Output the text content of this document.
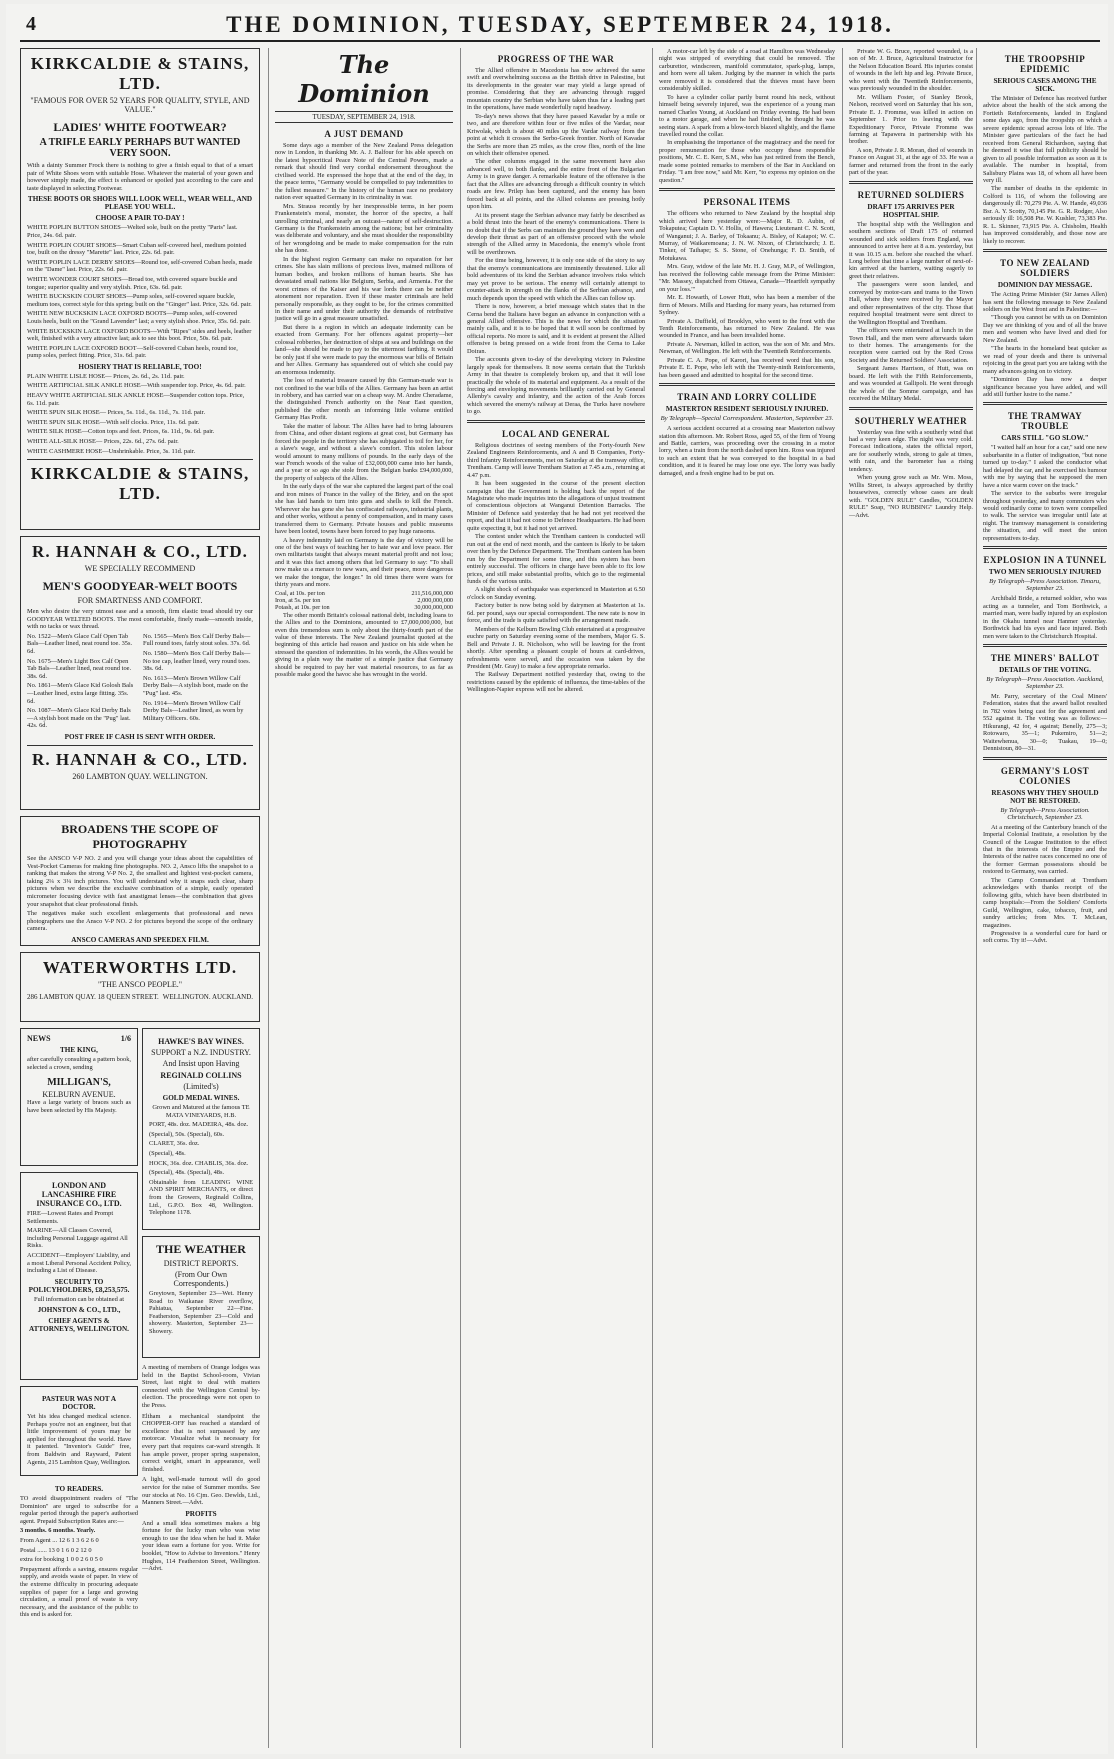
4	THE DOMINION, TUESDAY, SEPTEMBER 24, 1918.
KIRKCALDIE & STAINS, LTD.
"FAMOUS FOR OVER 52 YEARS FOR QUALITY, STYLE, AND VALUE."
LADIES' WHITE FOOTWEAR?
A TRIFLE EARLY PERHAPS BUT WANTED VERY SOON.
With a dainty Summer Frock there is nothing to give a finish equal to that of a smart pair of White Shoes worn with suitable Hose. Whatever the material of your gown and however simply made, the effect is enhanced or spoiled just according to the care and taste displayed in selecting Footwear.
THESE BOOTS OR SHOES WILL LOOK WELL, WEAR WELL, AND PLEASE YOU WELL.
CHOOSE A PAIR TO-DAY !
WHITE POPLIN BUTTON SHOES—Welted sole, built on the pretty "Paris" last. Price, 24s. 6d. pair.
WHITE POPLIN COURT SHOES—Smart Cuban self-covered heel, medium pointed toe, built on the dressy "Marette" last. Price, 22s. 6d. pair.
WHITE POPLIN LACE DERBY SHOES—Round toe, self-covered Cuban heels, made on the "Dame" last. Price, 22s. 6d. pair.
WHITE WONDER COURT SHOES—Broad toe, with covered square buckle and tongue; superior quality and very stylish. Price, 63s. 6d. pair.
WHITE BUCKSKIN COURT SHOES—Pump soles, self-covered square buckle, medium toes, correct style for this spring; built on the "Ginger" last. Price, 32s. 6d. pair.
WHITE NEW BUCKSKIN LACE OXFORD BOOTS—Pump soles, self-covered Louis heels, built on the "Grand Lavender" last; a very stylish shoe. Price, 35s. 6d. pair.
WHITE BUCKSKIN LACE OXFORD BOOTS—With "Ripes" sides and heels, leather welt, finished with a very attractive last; ask to see this boot. Price, 50s. 6d. pair.
WHITE POPLIN LACE OXFORD BOOT—Self-covered Cuban heels, round toe, pump soles, perfect fitting. Price, 31s. 6d. pair.
HOSIERY THAT IS RELIABLE, TOO!
PLAIN WHITE LISLE HOSE— Prices, 2s. 6d., 2s. 11d. pair.
WHITE ARTIFICIAL SILK ANKLE HOSE—With suspender top. Price, 4s. 6d. pair.
HEAVY WHITE ARTIFICIAL SILK ANKLE HOSE—Suspender cotton tops. Price, 6s. 11d. pair.
WHITE SPUN SILK HOSE— Prices, 5s. 11d., 6s. 11d., 7s. 11d. pair.
WHITE SPUN SILK HOSE—With self clocks. Price, 11s. 6d. pair.
WHITE SILK HOSE—Cotton tops and feet. Prices, 6s. 11d., 9s. 6d. pair.
WHITE ALL-SILK HOSE— Prices, 22s. 6d., 27s. 6d. pair.
WHITE CASHMERE HOSE—Unshrinkable. Price, 3s. 11d. pair.
KIRKCALDIE & STAINS, LTD.
R. HANNAH & CO., LTD.
WE SPECIALLY RECOMMEND
MEN'S GOODYEAR-WELT BOOTS
FOR SMARTNESS AND COMFORT.
Men who desire the very utmost ease and a smooth, firm elastic tread should try our GOODYEAR WELTED BOOTS. The most comfortable, finely made—smooth inside, with no tacks or wax thread.
No. 1522—Men's Glace Calf Open Tab Bals—Leather lined, neat round toe. 35s. 6d.
No. 1675—Men's Light Box Calf Open Tab Bals—Leather lined, neat round toe. 38s. 6d.
No. 1861—Men's Glace Kid Golosh Bals—Leather lined, extra large fitting. 35s. 6d.
No. 1087—Men's Glace Kid Derby Bals—A stylish boot made on the "Pug" last. 42s. 6d.
No. 1565—Men's Box Calf Derby Bals—Full round toes, fairly stout soles. 37s. 6d.
No. 1580—Men's Box Calf Derby Bals—No toe cap, leather lined, very round toes. 38s. 6d.
No. 1613—Men's Brown Willow Calf Derby Bals—A stylish boot, made on the "Pug" last. 45s.
No. 1914—Men's Brown Willow Calf Derby Bals—Leather lined, as worn by Military Officers. 60s.
POST FREE IF CASH IS SENT WITH ORDER.
R. HANNAH & CO., LTD.
260 LAMBTON QUAY. WELLINGTON.
BROADENS THE SCOPE OF PHOTOGRAPHY
See the ANSCO V-P NO. 2 and you will change your ideas about the capabilities of Vest-Pocket Cameras for making fine photographs. NO. 2, Ansco lifts the snapshot to a ranking that makes the strong V-P No. 2, the smallest and lightest vest-pocket camera, taking 2¼ x 3¼ inch pictures. You will understand why it snaps such clear, sharp pictures when we describe the exclusive combination of a simple, easily operated micrometer focusing device with fast anastigmat lenses—the combination that gives your snapshot that clear professional finish.
The negatives make such excellent enlargements that professional and news photographers use the Ansco V-P NO. 2 for pictures beyond the scope of the ordinary camera.
ANSCO CAMERAS AND SPEEDEX FILM.
WATERWORTHS LTD.
"THE ANSCO PEOPLE."
286 LAMBTON QUAY. 18 QUEEN STREET. WELLINGTON. AUCKLAND.
NEWS	1/6
THE KING,
after carefully consulting a pattern book, selected a crown, sending
MILLIGAN'S,
KELBURN AVENUE.
Have a large variety of braces such as have been selected by His Majesty.
LONDON AND LANCASHIRE FIRE INSURANCE CO., LTD.
FIRE—Lowest Rates and Prompt Settlements.
MARINE—All Classes Covered, including Personal Luggage against All Risks.
ACCIDENT—Employers' Liability, and a most Liberal Personal Accident Policy, including a List of Disease.
SECURITY TO POLICYHOLDERS, £8,253,575.
Full information can be obtained at
JOHNSTON & CO., LTD.,
CHIEF AGENTS & ATTORNEYS, WELLINGTON.
PASTEUR WAS NOT A DOCTOR.
Yet his idea changed medical science. Perhaps you're not an engineer, but that little improvement of yours may be applied for throughout the world. Have it patented. "Inventor's Guide" free, from Baldwin and Rayward, Patent Agents, 215 Lambton Quay, Wellington.
TO READERS.
TO avoid disappointment readers of "The Dominion" are urged to subscribe for a regular period through the paper's authorised agent. Prepaid Subscription Rates are:—
3 months. 6 months. Yearly.
From Agent ... 12 6 1 3 6 2 6 0
Postal ...... 13 0 1 6 0 2 12 0
extra for booking 1 0 0 2 6 0 5 0
Prepayment affords a saving, ensures regular supply, and avoids waste of paper. In view of the extreme difficulty in procuring adequate supplies of paper for a large and growing circulation, a small proof of waste is very necessary, and the assistance of the public to this end is asked for.
HAWKE'S BAY WINES.
SUPPORT a N.Z. INDUSTRY.
And Insist upon Having
REGINALD COLLINS
(Limited's)
GOLD MEDAL WINES.
Grown and Matured at the famous TE MATA VINEYARDS, H.B.
PORT, 48s. doz. MADEIRA, 48s. doz.
(Special), 50s. (Special), 60s.
CLARET, 36s. doz.
(Special), 48s.
HOCK, 36s. doz. CHABLIS, 36s. doz.
(Special), 48s. (Special), 48s.
Obtainable from LEADING WINE AND SPIRIT MERCHANTS, or direct from the Growers, Reginald Collins, Ltd., G.P.O. Box 48, Wellington. Telephone 1178.
THE WEATHER
DISTRICT REPORTS.
(From Our Own Correspondents.)
Greytown, September 23—Wet. Henry Road to Waikanae River overflow, Pahiatua, September 22—Fine. Featherston, September 23—Cold and showery. Masterton, September 23—Showery.
A meeting of members of Orange lodges was held in the Baptist School-room, Vivian Street, last night to deal with matters connected with the Wellington Central by-election. The proceedings were not open to the Press.
Eltham a mechanical standpoint the CHOPPER-OFF has reached a standard of excellence that is not surpassed by any motorcar. Visualize what is necessary for every part that requires car-ward strength. It has ample power, proper spring suspension, correct weight, smart in appearance, well finished.
A light, well-made turnout will do good service for the raise of Summer months. See our stocks at No. 16 Cjm. Geo. Dewlds, Ltd., Manners Street.—Advt.
PROFITS
And a small idea sometimes makes a big fortune for the lucky man who was wise enough to use the idea when he had it. Make your ideas earn a fortune for you. Write for booklet, "How to Advise to Inventors." Henry Hughes, 114 Featherston Street, Wellington.—Advt.
The Dominion
TUESDAY, SEPTEMBER 24, 1918.
A JUST DEMAND

Some days ago a member of the New Zealand Press delegation now in London, in thanking Mr. A. J. Balfour for his able speech on the latest hypocritical Peace Note of the Central Powers, made a remark that should find very cordial endorsement throughout the civilised world. He expressed the hope that at the end of the day, in the peace terms, "Germany would be compelled to pay indemnities to the fullest measure." In the history of the human race no predatory nation ever squatted Germany in its criminality in war.

Mrs. Strauss recently by her inexpressible terms, in her poem Frankenstein's moral, monster, the horror of the spectre, a half unrolling criminal, and nearly an outcast—nature of self-destruction. Germany is the Frankenstein among the nations; but her criminality was deliberate and voluntary, and she must shoulder the responsibility of her wrongdoing and be made to make compensation for the ruin she has done.

In the highest region Germany can make no reparation for her crimes. She has slain millions of precious lives, maimed millions of human bodies, and broken millions of human hearts. She has devastated small nations like Belgium, Serbia, and Armenia. For the worst crimes of the Kaiser and his war lords there can be neither atonement nor reparation. Even if these master criminals are held personally responsible, as they ought to be, for the crimes committed in their name and under their authority the demands of retributive justice will go in a great measure unsatisfied.

But there is a region in which an adequate indemnity can be exacted from Germany. For her offences against property—her colossal robberies, her destruction of ships at sea and buildings on the land—she should be made to pay to the uttermost farthing. It would be only just if she were made to pay the enormous war bills of Britain and her Allies. Germany has squandered out of which she could pay an enormous indemnity.

The loss of material treasure caused by this German-made war is not confined to the war bills of the Allies. Germany has been an artist in robbery, and has carried war on a cheap way. M. Andre Cheradame, the distinguished French authority on the Near East question, published the other month an informing little volume entitled Germany Has Profit.

Take the matter of labour. The Allies have had to bring labourers from China, and other distant regions at great cost, but Germany has forced the people in the territory she has subjugated to toil for her, for a slave's wage, and without a slave's comfort. This stolen labour would amount to many millions of pounds. In the early days of the war French woods of the value of £32,000,000 came into her hands, and a year or so ago she stole from the Belgian banks £94,000,000, the property of subjects of the Allies.

In the early days of the war she captured the largest part of the coal and iron mines of France in the valley of the Briey, and on the spot she has laid hands to turn into guns and shells to kill the French. Wherever she has gone she has confiscated railways, industrial plants, and other works, without a penny of compensation, and in many cases transferred them to Germany. Private houses and public museums have been looted, towns have been forced to pay huge ransoms.

A heavy indemnity laid on Germany is the day of victory will be one of the best ways of teaching her to hate war and love peace. Her own militarists taught that always meant material profit and not loss; and it was this fact among others that led Germany to say: "To shall now make us a menace to new wars, and their peace, more dangerous we make the tongue, the longer." In old times there were wars for thirty years and more.

Coal, at 10s. per ton	211,516,000,000
Iron, at 5s. per ton	2,000,000,000
Potash, at 10s. per ton	30,000,000,000

The other month Britain's colossal national debt, including loans to the Allies and to the Dominions, amounted to £7,000,000,000, but even this tremendous sum is only about the thirty-fourth part of the value of these interests. The New Zealand journalist quoted at the beginning of this article had reason and justice on his side when he stressed the question of indemnities. In his words, the Allies would be giving in a plain way the matter of a simple justice that Germany should be required to pay her vast material resources, to as far as possible make good the havoc she has wrought in the world.

PROGRESS OF THE WAR

The Allied offensive in Macedonia has now achieved the same swift and overwhelming success as the British drive in Palestine, but its developments in the greater war may yield a large spread of promise. Considering that they are advancing through rugged mountain country the Serbian who have taken thus far a leading part in the operations, have made wonderfully rapid headway.

To-day's news shows that they have passed Kavadar by a mile or two, and are therefore within four or five miles of the Vardar, near Kriwolak, which is about 40 miles up the Vardar railway from the point at which it crosses the Serbo-Greek frontier. North of Kavadar the Serbs are more than 25 miles, as the crow flies, north of the line on which their offensive opened.

The other columns engaged in the same movement have also advanced well, to both flanks, and the entire front of the Bulgarian Army is in grave danger. A remarkable feature of the offensive is the fact that the Allies are advancing through a difficult country in which roads are few. Prilep has been captured, and the enemy has been forced back at all points, and the Allied columns are pressing hotly upon him.

At its present stage the Serbian advance may fairly be described as a bold thrust into the heart of the enemy's communications. There is no doubt that if the Serbs can maintain the ground they have won and develop their thrust as part of an offensive proceed with the whole strength of the Allied army in Macedonia, the enemy's whole front will be overthrown.

For the time being, however, it is only one side of the story to say that the enemy's communications are imminently threatened. Like all bold adventures of its kind the Serbian advance involves risks which may yet prove to be serious. The enemy will certainly attempt to counter-attack in strength on the flanks of the Serbian advance, and much depends upon the speed with which the Allies can follow up.

There is now, however, a brief message which states that in the Cerna bend the Italians have begun an advance in conjunction with a general Allied offensive. This is the news for which the situation mainly calls, and it is to be hoped that it will soon be confirmed by official reports. No more is said, and it is evident at present the Allied offensive is being pressed on a wide front from the Cerna to Lake Doiran.

The accounts given to-day of the developing victory in Palestine largely speak for themselves. It now seems certain that the Turkish Army in that theatre is completely broken up, and that it will lose practically the whole of its material and equipment. As a result of the forcing and enveloping movements brilliantly carried out by General Allenby's cavalry and infantry, and the action of the Arab forces which severed the enemy's railway at Deraa, the Turks have nowhere to go.

LOCAL AND GENERAL

Religious doctrines of seeing members of the Forty-fourth New Zealand Engineers Reinforcements, and A and B Companies, Forty-third Infantry Reinforcements, met on Saturday at the tramway office, Trentham. Camp will leave Trentham Station at 7.45 a.m., returning at 4.47 p.m.

It has been suggested in the course of the present election campaign that the Government is holding back the report of the Magistrate who made inquiries into the allegations of unjust treatment of conscientious objectors at Wanganui Detention Barracks. The Minister of Defence said yesterday that he had not yet received the report, and that it had not come to Defence Headquarters. He had been quite expecting it, but it had not yet arrived.

The contest under which the Trentham canteen is conducted will run out at the end of next month, and the canteen is likely to be taken over then by the Defence Department. The Trentham canteen has been run by the Department for some time, and this system has been entirely successful. The officers in charge have been able to fix low prices, and still make substantial profits, which go to the regimental funds of the various units.

A slight shock of earthquake was experienced in Masterton at 6.50 o'clock on Sunday evening.

Factory butter is now being sold by dairymen at Masterton at 1s. 6d. per pound, says our special correspondent. The new rate is now in force, and the trade is quite satisfied with the arrangement made.

Members of the Kelburn Bowling Club entertained at a progressive euchre party on Saturday evening some of the members, Major G. S. Bell and Private J. R. Nicholson, who will be leaving for the front shortly. After spending a pleasant couple of hours at card-drives, refreshments were served, and the occasion was taken by the President (Mr. Gray) to make a few appropriate remarks.

The Railway Department notified yesterday that, owing to the restrictions caused by the epidemic of influenza, the time-tables of the Wellington-Napier express will not be altered.

A motor-car left by the side of a road at Hamilton was Wednesday night was stripped of everything that could be removed. The carburettor, windscreen, manifold commutator, spark-plug, lamps, and horn were all taken. Judging by the manner in which the parts were removed it is considered that the thieves must have been considerably skilled.

To have a cylinder collar partly burnt round his neck, without himself being severely injured, was the experience of a young man named Charles Young, at Auckland on Friday evening. He had been to a motor garage, and when he had finished, he thought he was seeing stars. A spark from a blow-torch blazed slightly, and the flame travelled round the collar.

In emphasising the importance of the magistracy and the need for proper remuneration for those who occupy these responsible positions, Mr. C. E. Kerr, S.M., who has just retired from the Bench, made some pointed remarks to members of the Bar in Auckland on Friday. "I am free now," said Mr. Kerr, "to express my opinion on the question."

PERSONAL ITEMS

The officers who returned to New Zealand by the hospital ship which arrived here yesterday were:—Major R. D. Aubin, of Tokaputea; Captain D. V. Hollis, of Hawera; Lieutenant C. N. Scott, of Wanganui; J. A. Barley, of Tokaanu; A. Bisley, of Kaiapoi; W. C. Murray, of Waikaremoana; J. N. W. Nixon, of Christchurch; J. E. Tinker, of Taihape; S. S. Stone, of Onehunga; F. D. Smith, of Motukawa.

Mrs. Gray, widow of the late Mr. H. J. Gray, M.P., of Wellington, has received the following cable message from the Prime Minister: "Mr. Massey, dispatched from Ottawa, Canada—'Heartfelt sympathy on your loss.'"

Mr. E. Howarth, of Lower Hutt, who has been a member of the firm of Messrs. Mills and Harding for many years, has returned from Sydney.

Private A. Duffield, of Brooklyn, who went to the front with the Tenth Reinforcements, has returned to New Zealand. He was wounded in France, and has been invalided home.

Private A. Newman, killed in action, was the son of Mr. and Mrs. Newman, of Wellington. He left with the Twentieth Reinforcements.

Private C. A. Pope, of Karori, has received word that his son, Private E. E. Pope, who left with the Twenty-ninth Reinforcements, has been gassed and admitted to hospital for the second time.

TRAIN AND LORRY COLLIDE
MASTERTON RESIDENT SERIOUSLY INJURED.
By Telegraph—Special Correspondent. Masterton, September 23.

A serious accident occurred at a crossing near Masterton railway station this afternoon. Mr. Robert Ross, aged 55, of the firm of Young and Battle, carriers, was proceeding over the crossing in a motor lorry, when a train from the north dashed upon him. Ross was injured to such an extent that he was conveyed to the hospital in a bad condition, and it is feared he may lose one eye. The lorry was badly damaged, and a fresh engine had to be put on.

Private W. G. Bruce, reported wounded, is a son of Mr. J. Bruce, Agricultural Instructor for the Nelson Education Board. His injuries consist of wounds in the left hip and leg. Private Bruce, who went with the Twentieth Reinforcements, was previously wounded in the shoulder.

Mr. William Foster, of Stanley Brook, Nelson, received word on Saturday that his son, Private E. J. Fromme, was killed in action on September 1. Prior to leaving with the Expeditionary Force, Private Fromme was farming at Tapawera in partnership with his brother.

A son, Private J. R. Moran, died of wounds in France on August 31, at the age of 33. He was a farmer and returned from the front in the early part of the year.

RETURNED SOLDIERS
DRAFT 175 ARRIVES PER HOSPITAL SHIP.

The hospital ship with the Wellington and southern sections of Draft 175 of returned wounded and sick soldiers from England, was announced to arrive here at 8 a.m. yesterday, but it was 10.15 a.m. before she reached the wharf. Long before that time a large number of next-of-kin arrived at the barriers, waiting eagerly to greet their relatives.

The passengers were soon landed, and conveyed by motor-cars and trams to the Town Hall, where they were received by the Mayor and other representatives of the city. Those that required hospital treatment were sent direct to the Wellington Hospital and Trentham.

The officers were entertained at lunch in the Town Hall, and the men were afterwards taken to their homes. The arrangements for the reception were carried out by the Red Cross Society and the Returned Soldiers' Association.

Sergeant James Harrison, of Hutt, was on board. He left with the Fifth Reinforcements, and was wounded at Gallipoli. He went through the whole of the Somme campaign, and has received the Military Medal.

SOUTHERLY WEATHER

Yesterday was fine with a southerly wind that had a very keen edge. The night was very cold. Forecast indications, states the official report, are for southerly winds, strong to gale at times, with rain, and the barometer has a rising tendency.

When young grow such as Mr. Wm. Moss, Willis Street, is always approached by thrifty housewives, correctly whose cases are dealt with. "GOLDEN RULE" Candles, "GOLDEN RULE" Soap, "NO RUBBING" Laundry Help.—Advt.

THE TROOPSHIP EPIDEMIC
SERIOUS CASES AMONG THE SICK.

The Minister of Defence has received further advice about the health of the sick among the Fortieth Reinforcements, landed in England some days ago, from the troopship on which a severe epidemic spread across lots of life. The Minister gave particulars of the fact he had received from General Richardson, saying that he deemed it wise that full publicity should be given to all possible information as soon as it is available. The number in hospital, from Salisbury Plains was 18, of whom all have been very ill.

The number of deaths in the epidemic in Colford is 116, of whom the following are dangerously ill: 70,279 Pte. A. W. Hande, 49,036 Bsr. A. Y. Scotty, 70,145 Pte. G. R. Rodger, Also seriously ill: 16,508 Pte. W. Kushler, 73,383 Pte. R. L. Skinner, 73,915 Pte. A. Chisholm, Health has improved considerably, and those now are likely to recover.

TO NEW ZEALAND SOLDIERS
DOMINION DAY MESSAGE.

The Acting Prime Minister (Sir James Allen) has sent the following message to New Zealand soldiers on the West front and in Palestine:—

"Though you cannot be with us on Dominion Day we are thinking of you and of all the brave men and women who have lived and died for New Zealand.

"The hearts in the homeland beat quicker as we read of your deeds and there is universal rejoicing in the great part you are taking with the many advances going on to victory.

"Dominion Day has now a deeper significance because you have added, and will add still further lustre to the name."

THE TRAMWAY TROUBLE
CARS STILL "GO SLOW."

"I waited half an hour for a car," said one new suburbanite in a flutter of indignation, "but none turned up to-day." I asked the conductor what had delayed the car, and he exercised his humour with me by saying that he supposed the men have a nice warm cover on the track."

The service to the suburbs were irregular throughout yesterday, and many commuters who would ordinarily come to town were compelled to walk. The service was irregular until late at night. The tramway management is considering the situation, and will meet the union representatives to-day.

EXPLOSION IN A TUNNEL
TWO MEN SERIOUSLY INJURED
By Telegraph—Press Association. Timaru, September 23.

Archibald Bride, a returned soldier, who was acting as a tunneler, and Tom Borthwick, a married man, were badly injured by an explosion in the Okahu tunnel near Hanmer yesterday. Borthwick had his eyes and face injured. Both men were taken to the Christchurch Hospital.

THE MINERS' BALLOT
DETAILS OF THE VOTING.
By Telegraph—Press Association. Auckland, September 23.

Mr. Parry, secretary of the Coal Miners' Federation, states that the award ballot resulted in 782 votes being cast for the agreement and 552 against it. The voting was as follows:—Hikurangi, 42 for, 4 against; Benelly, 275—3; Rotowaro, 35—1; Pukemiro, 51—2; Waitewhenua, 30—0; Tuakau, 19—0; Dennistoun, 80—31.

GERMANY'S LOST COLONIES
REASONS WHY THEY SHOULD NOT BE RESTORED.
By Telegraph—Press Association. Christchurch, September 23.

At a meeting of the Canterbury branch of the Imperial Colonial Institute, a resolution by the Council of the League Institution to the effect that in the interests of the Empire and the Interests of the native races concerned no one of the former German possessions should be restored to Germany, was carried.

The Camp Commandant at Trentham acknowledges with thanks receipt of the following gifts, which have been distributed in camp hospitals:—From the Soldiers' Comforts Guild, Wellington, cake, tobacco, fruit, and sundry articles; from Mrs. T. McLean, magazines.

Progressive is a wonderful cure for hard or soft corns. Try it!—Advt.
